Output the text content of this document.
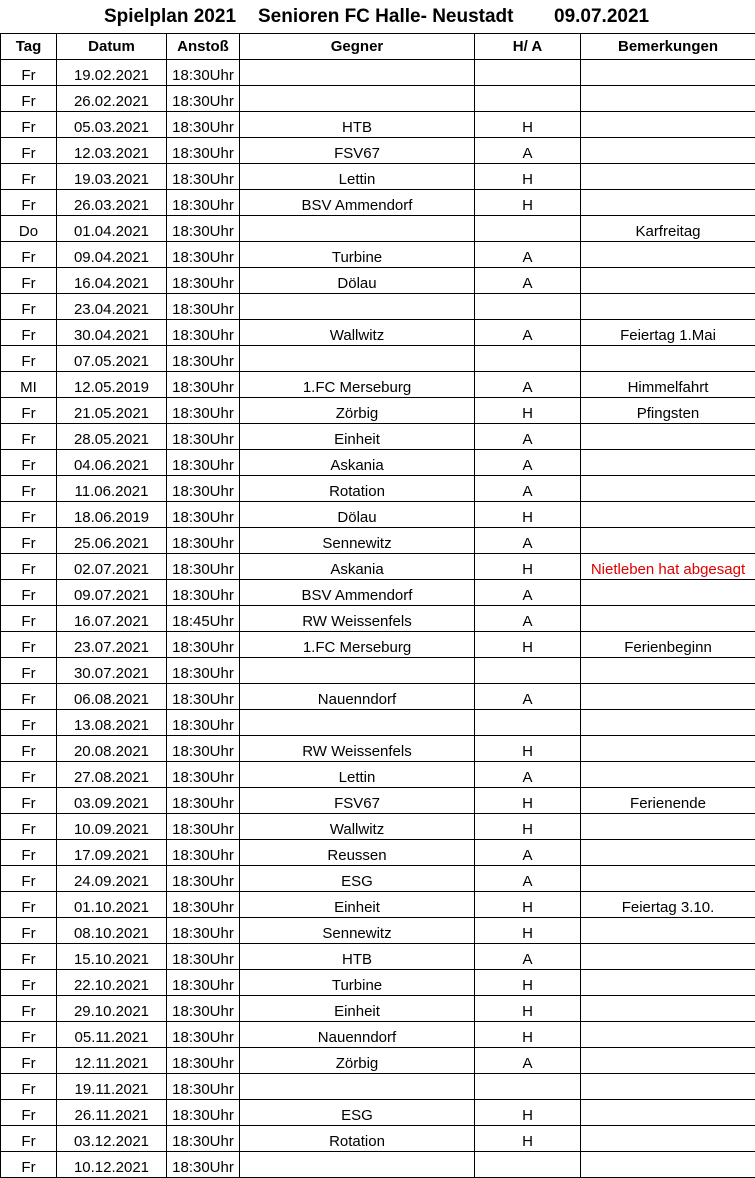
Spielplan 2021 Senioren FC Halle- Neustadt 09.07.2021
Tag	Datum	Anstoß	Gegner	H/ A	Bemerkungen
Fr	19.02.2021	18:30Uhr			
Fr	26.02.2021	18:30Uhr			
Fr	05.03.2021	18:30Uhr	HTB	H	
Fr	12.03.2021	18:30Uhr	FSV67	A	
Fr	19.03.2021	18:30Uhr	Lettin	H	
Fr	26.03.2021	18:30Uhr	BSV Ammendorf	H	
Do	01.04.2021	18:30Uhr			Karfreitag
Fr	09.04.2021	18:30Uhr	Turbine	A	
Fr	16.04.2021	18:30Uhr	Dölau	A	
Fr	23.04.2021	18:30Uhr			
Fr	30.04.2021	18:30Uhr	Wallwitz	A	Feiertag 1.Mai
Fr	07.05.2021	18:30Uhr			
MI	12.05.2019	18:30Uhr	1.FC Merseburg	A	Himmelfahrt
Fr	21.05.2021	18:30Uhr	Zörbig	H	Pfingsten
Fr	28.05.2021	18:30Uhr	Einheit	A	
Fr	04.06.2021	18:30Uhr	Askania	A	
Fr	11.06.2021	18:30Uhr	Rotation	A	
Fr	18.06.2019	18:30Uhr	Dölau	H	
Fr	25.06.2021	18:30Uhr	Sennewitz	A	
Fr	02.07.2021	18:30Uhr	Askania	H	Nietleben hat abgesagt
Fr	09.07.2021	18:30Uhr	BSV Ammendorf	A	
Fr	16.07.2021	18:45Uhr	RW Weissenfels	A	
Fr	23.07.2021	18:30Uhr	1.FC Merseburg	H	Ferienbeginn
Fr	30.07.2021	18:30Uhr			
Fr	06.08.2021	18:30Uhr	Nauenndorf	A	
Fr	13.08.2021	18:30Uhr			
Fr	20.08.2021	18:30Uhr	RW Weissenfels	H	
Fr	27.08.2021	18:30Uhr	Lettin	A	
Fr	03.09.2021	18:30Uhr	FSV67	H	Ferienende
Fr	10.09.2021	18:30Uhr	Wallwitz	H	
Fr	17.09.2021	18:30Uhr	Reussen	A	
Fr	24.09.2021	18:30Uhr	ESG	A	
Fr	01.10.2021	18:30Uhr	Einheit	H	Feiertag 3.10.
Fr	08.10.2021	18:30Uhr	Sennewitz	H	
Fr	15.10.2021	18:30Uhr	HTB	A	
Fr	22.10.2021	18:30Uhr	Turbine	H	
Fr	29.10.2021	18:30Uhr	Einheit	H	
Fr	05.11.2021	18:30Uhr	Nauenndorf	H	
Fr	12.11.2021	18:30Uhr	Zörbig	A	
Fr	19.11.2021	18:30Uhr			
Fr	26.11.2021	18:30Uhr	ESG	H	
Fr	03.12.2021	18:30Uhr	Rotation	H	
Fr	10.12.2021	18:30Uhr			
